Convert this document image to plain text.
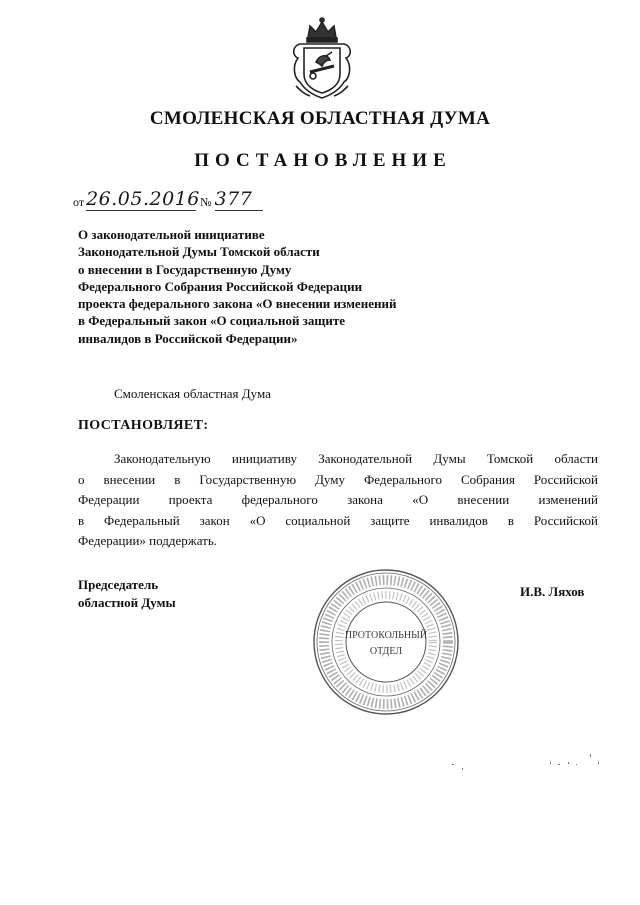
СМОЛЕНСКАЯ ОБЛАСТНАЯ ДУМА
ПОСТАНОВЛЕНИЕ
от 26.05.2016 № 377
О законодательной инициативе
Законодательной Думы Томской области
о внесении в Государственную Думу
Федерального Собрания Российской Федерации
проекта федерального закона «О внесении изменений
в Федеральный закон «О социальной защите
инвалидов в Российской Федерации»
Смоленская областная Дума
ПОСТАНОВЛЯЕТ:
Законодательную инициативу Законодательной Думы Томской области
о внесении в Государственную Думу Федерального Собрания Российской
Федерации проекта федерального закона «О внесении изменений
в Федеральный закон «О социальной защите инвалидов в Российской
Федерации» поддержать.
Председатель
областной Думы
И.В. Ляхов
ПРОТОКОЛЬНЫЙ
ОТДЕЛ
